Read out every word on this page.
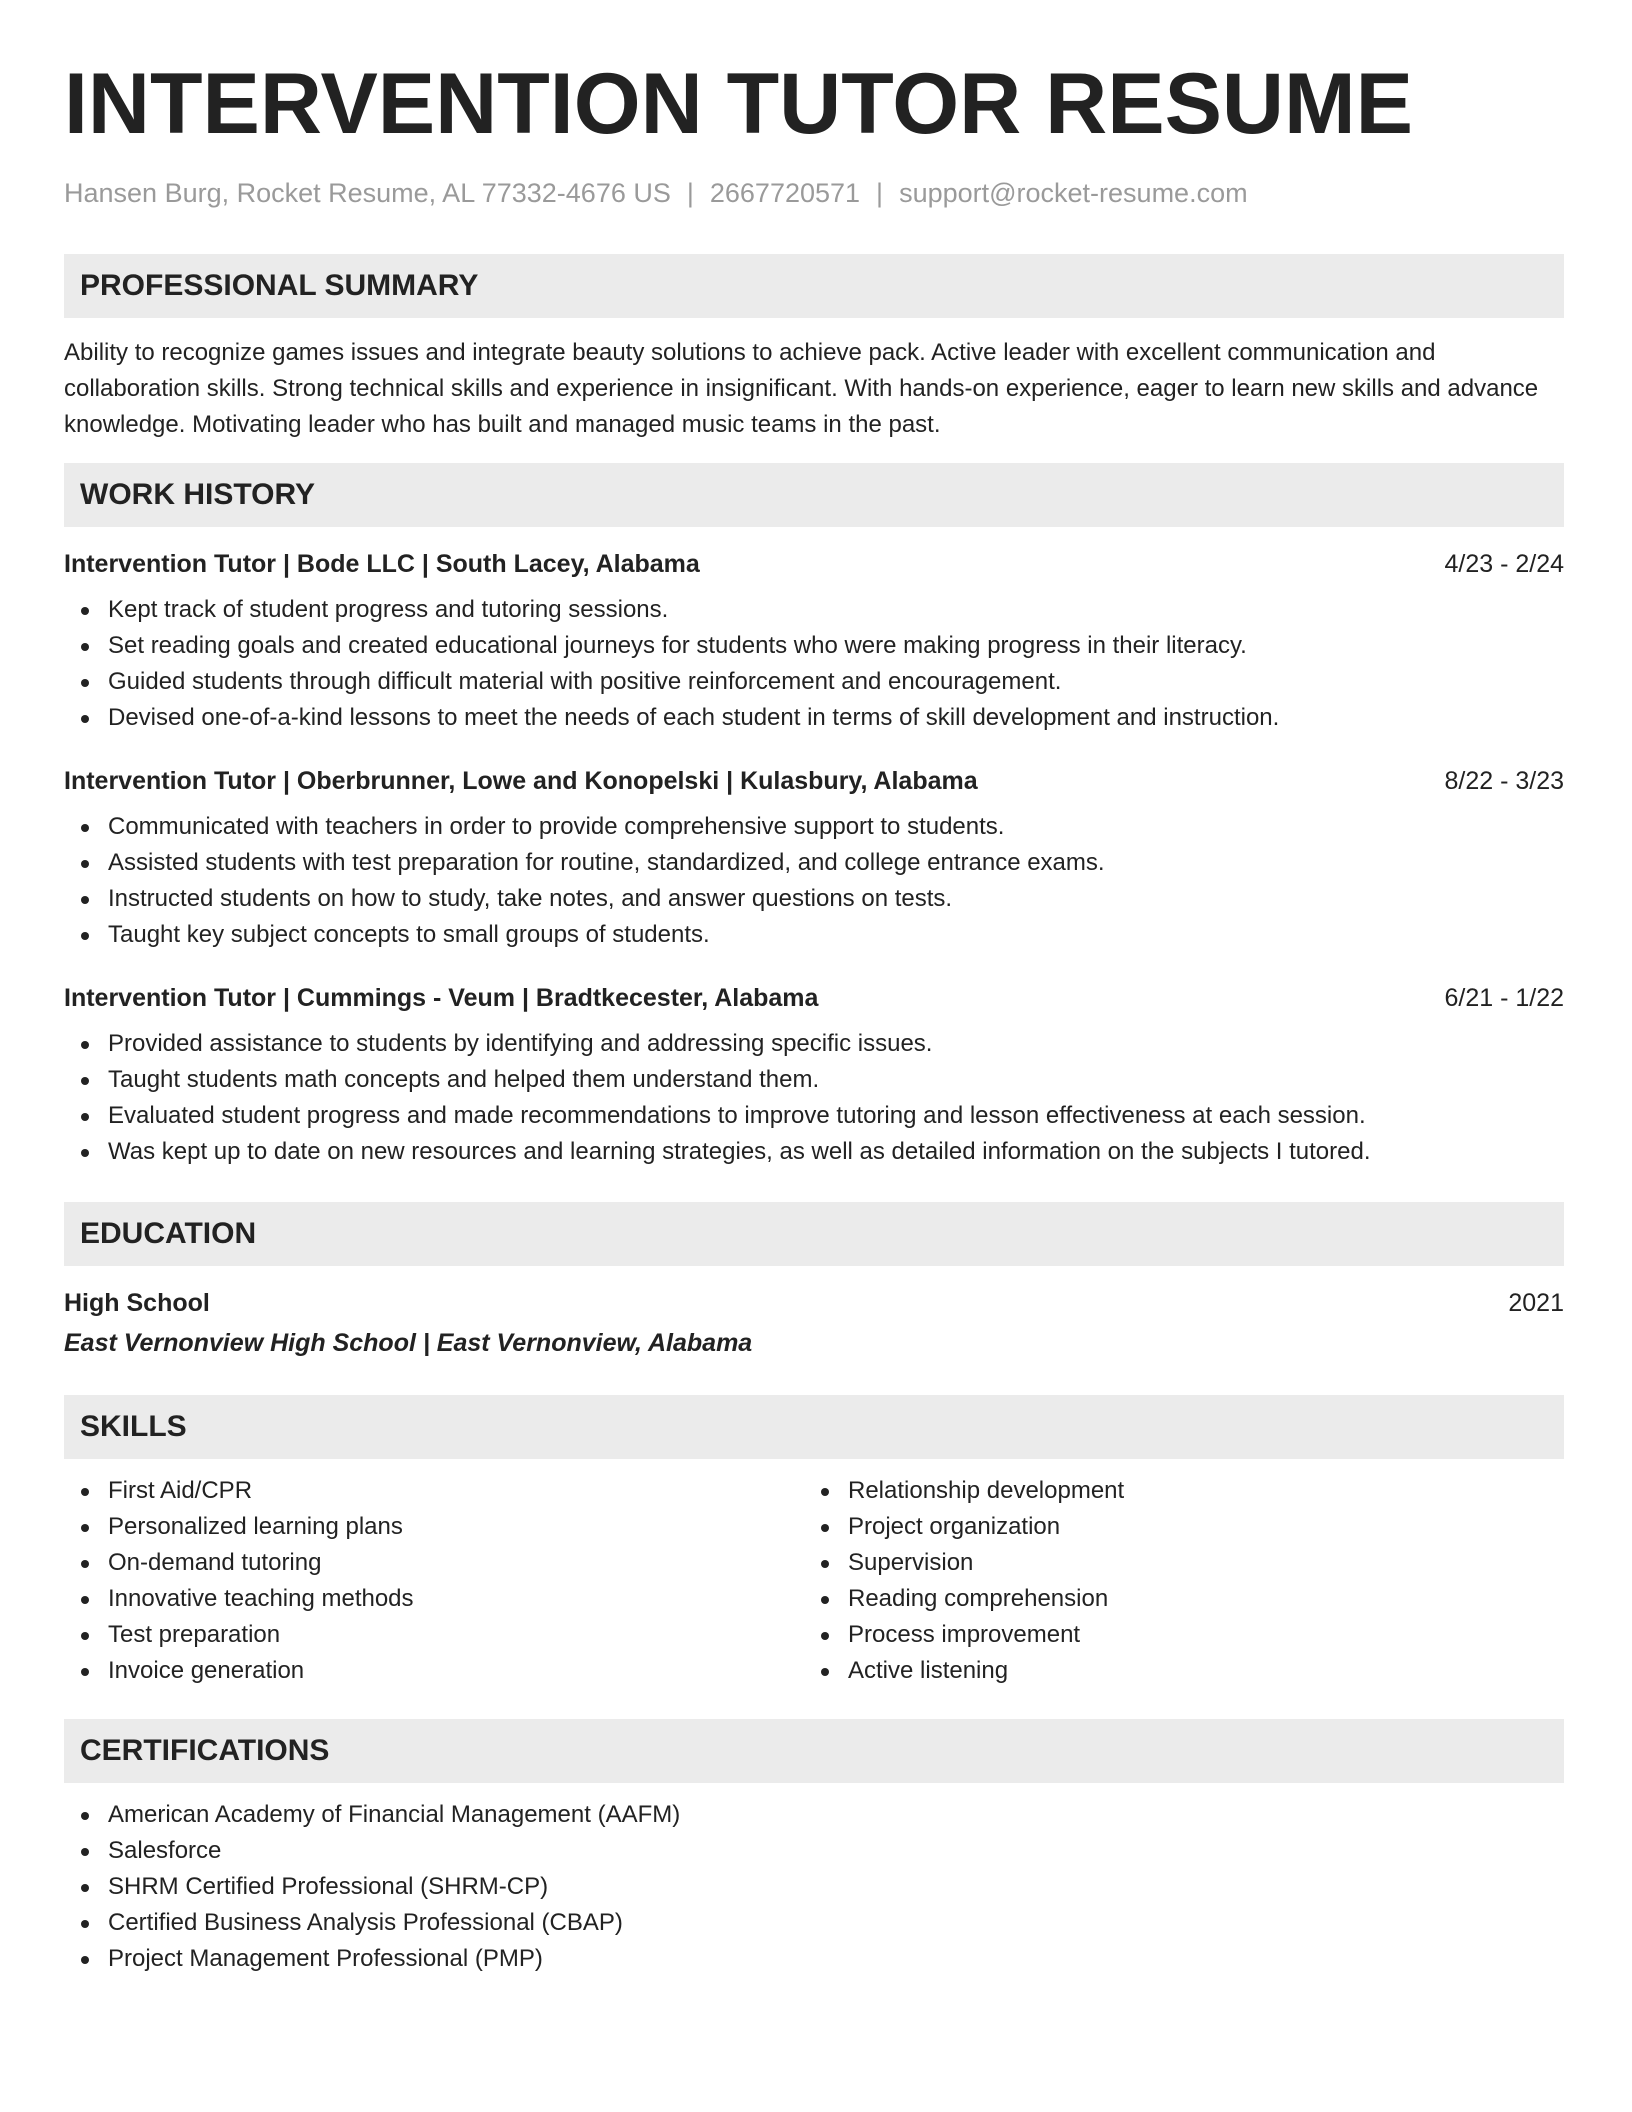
INTERVENTION TUTOR RESUME
Hansen Burg, Rocket Resume, AL 77332-4676 US | 2667720571 | support@rocket-resume.com
PROFESSIONAL SUMMARY

Ability to recognize games issues and integrate beauty solutions to achieve pack. Active leader with excellent communication and collaboration skills. Strong technical skills and experience in insignificant. With hands-on experience, eager to learn new skills and advance knowledge. Motivating leader who has built and managed music teams in the past.

WORK HISTORY
Intervention Tutor | Bode LLC | South Lacey, Alabama	4/23 - 2/24
Kept track of student progress and tutoring sessions.
Set reading goals and created educational journeys for students who were making progress in their literacy.
Guided students through difficult material with positive reinforcement and encouragement.
Devised one-of-a-kind lessons to meet the needs of each student in terms of skill development and instruction.
Intervention Tutor | Oberbrunner, Lowe and Konopelski | Kulasbury, Alabama	8/22 - 3/23
Communicated with teachers in order to provide comprehensive support to students.
Assisted students with test preparation for routine, standardized, and college entrance exams.
Instructed students on how to study, take notes, and answer questions on tests.
Taught key subject concepts to small groups of students.
Intervention Tutor | Cummings - Veum | Bradtkecester, Alabama	6/21 - 1/22
Provided assistance to students by identifying and addressing specific issues.
Taught students math concepts and helped them understand them.
Evaluated student progress and made recommendations to improve tutoring and lesson effectiveness at each session.
Was kept up to date on new resources and learning strategies, as well as detailed information on the subjects I tutored.
EDUCATION
High School	2021
East Vernonview High School | East Vernonview, Alabama
SKILLS
First Aid/CPR
Personalized learning plans
On-demand tutoring
Innovative teaching methods
Test preparation
Invoice generation
Relationship development
Project organization
Supervision
Reading comprehension
Process improvement
Active listening
CERTIFICATIONS
American Academy of Financial Management (AAFM)
Salesforce
SHRM Certified Professional (SHRM-CP)
Certified Business Analysis Professional (CBAP)
Project Management Professional (PMP)
